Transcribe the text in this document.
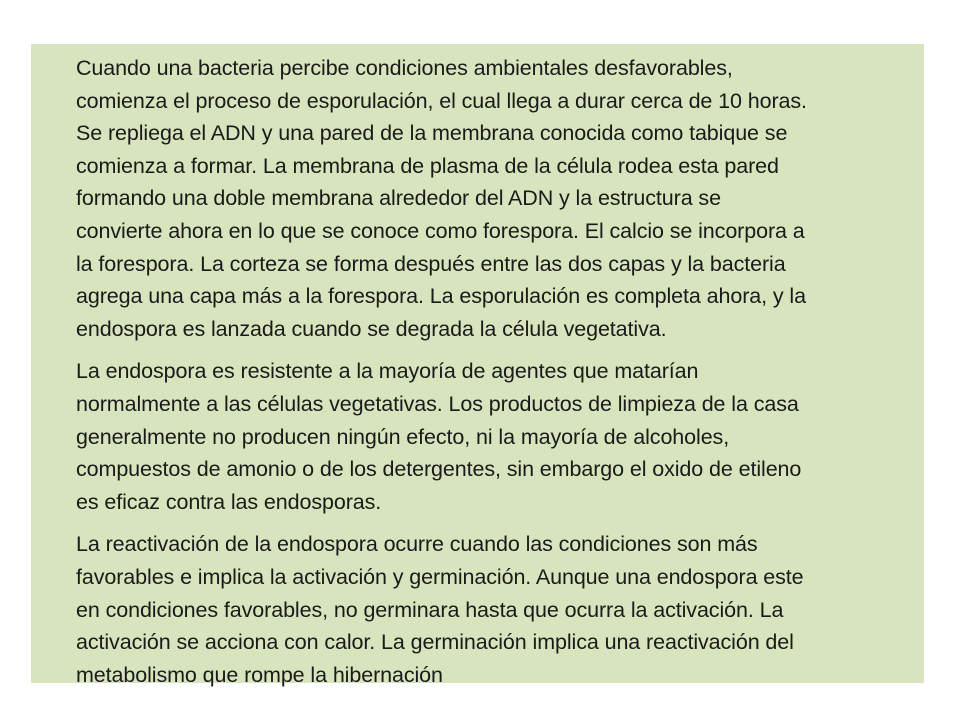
Cuando una bacteria percibe condiciones ambientales desfavorables,
comienza el proceso de esporulación, el cual llega a durar cerca de 10 horas.
Se repliega el ADN y una pared de la membrana conocida como tabique se
comienza a formar. La membrana de plasma de la célula rodea esta pared
formando una doble membrana alrededor del ADN y la estructura se
convierte ahora en lo que se conoce como forespora. El calcio se incorpora a
la forespora. La corteza se forma después entre las dos capas y la bacteria
agrega una capa más a la forespora. La esporulación es completa ahora, y la
endospora es lanzada cuando se degrada la célula vegetativa.

La endospora es resistente a la mayoría de agentes que matarían
normalmente a las células vegetativas. Los productos de limpieza de la casa
generalmente no producen ningún efecto, ni la mayoría de alcoholes,
compuestos de amonio o de los detergentes, sin embargo el oxido de etileno
es eficaz contra las endosporas.

La reactivación de la endospora ocurre cuando las condiciones son más
favorables e implica la activación y germinación. Aunque una endospora este
en condiciones favorables, no germinara hasta que ocurra la activación. La
activación se acciona con calor. La germinación implica una reactivación del
metabolismo que rompe la hibernación
